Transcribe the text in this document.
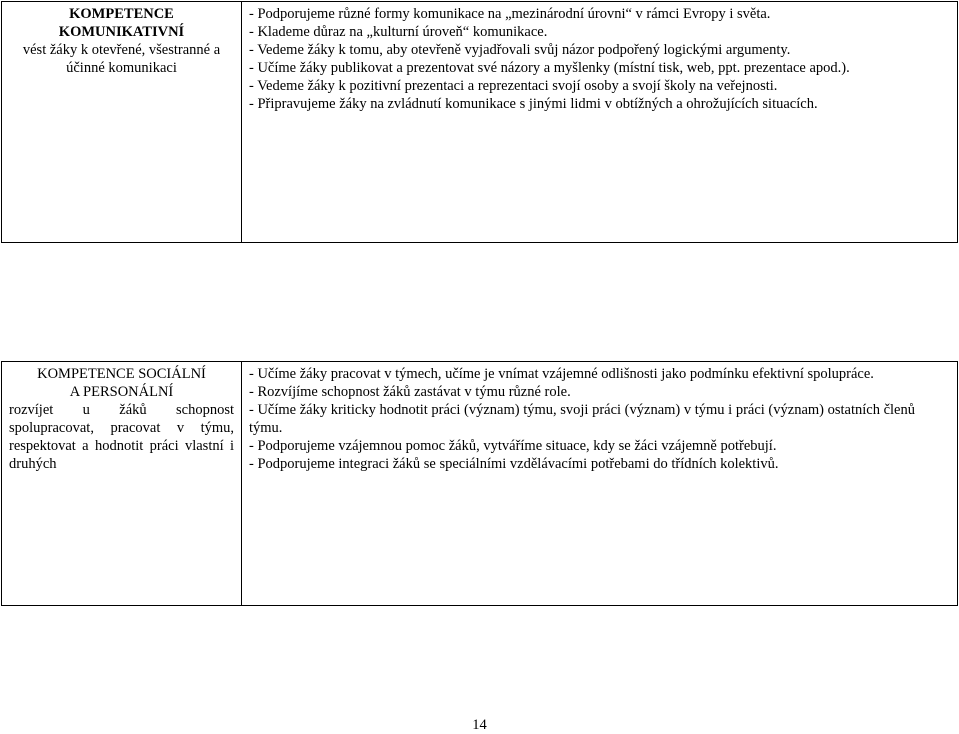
KOMPETENCE
KOMUNIKATIVNÍ
vést žáky k otevřené, všestranné a účinné komunikaci
- Podporujeme různé formy komunikace na „mezinárodní úrovni“ v rámci Evropy i světa.
- Klademe důraz na „kulturní úroveň“ komunikace.
- Vedeme žáky k tomu, aby otevřeně vyjadřovali svůj názor podpořený logickými argumenty.
- Učíme žáky publikovat a prezentovat své názory a myšlenky (místní tisk, web, ppt. prezentace apod.).
- Vedeme žáky k pozitivní prezentaci a reprezentaci svojí osoby a svojí školy na veřejnosti.
- Připravujeme žáky na zvládnutí komunikace s jinými lidmi v obtížných a ohrožujících situacích.
KOMPETENCE SOCIÁLNÍ
A PERSONÁLNÍ
rozvíjet u žáků schopnost spolupracovat, pracovat v týmu, respektovat a hodnotit práci vlastní i druhých
- Učíme žáky pracovat v týmech, učíme je vnímat vzájemné odlišnosti jako podmínku efektivní spolupráce.
- Rozvíjíme schopnost žáků zastávat v týmu různé role.
- Učíme žáky kriticky hodnotit práci (význam) týmu, svoji práci (význam) v týmu i práci (význam) ostatních členů týmu.
- Podporujeme vzájemnou pomoc žáků, vytváříme situace, kdy se žáci vzájemně potřebují.
- Podporujeme integraci žáků se speciálními vzdělávacími potřebami do třídních kolektivů.
14
